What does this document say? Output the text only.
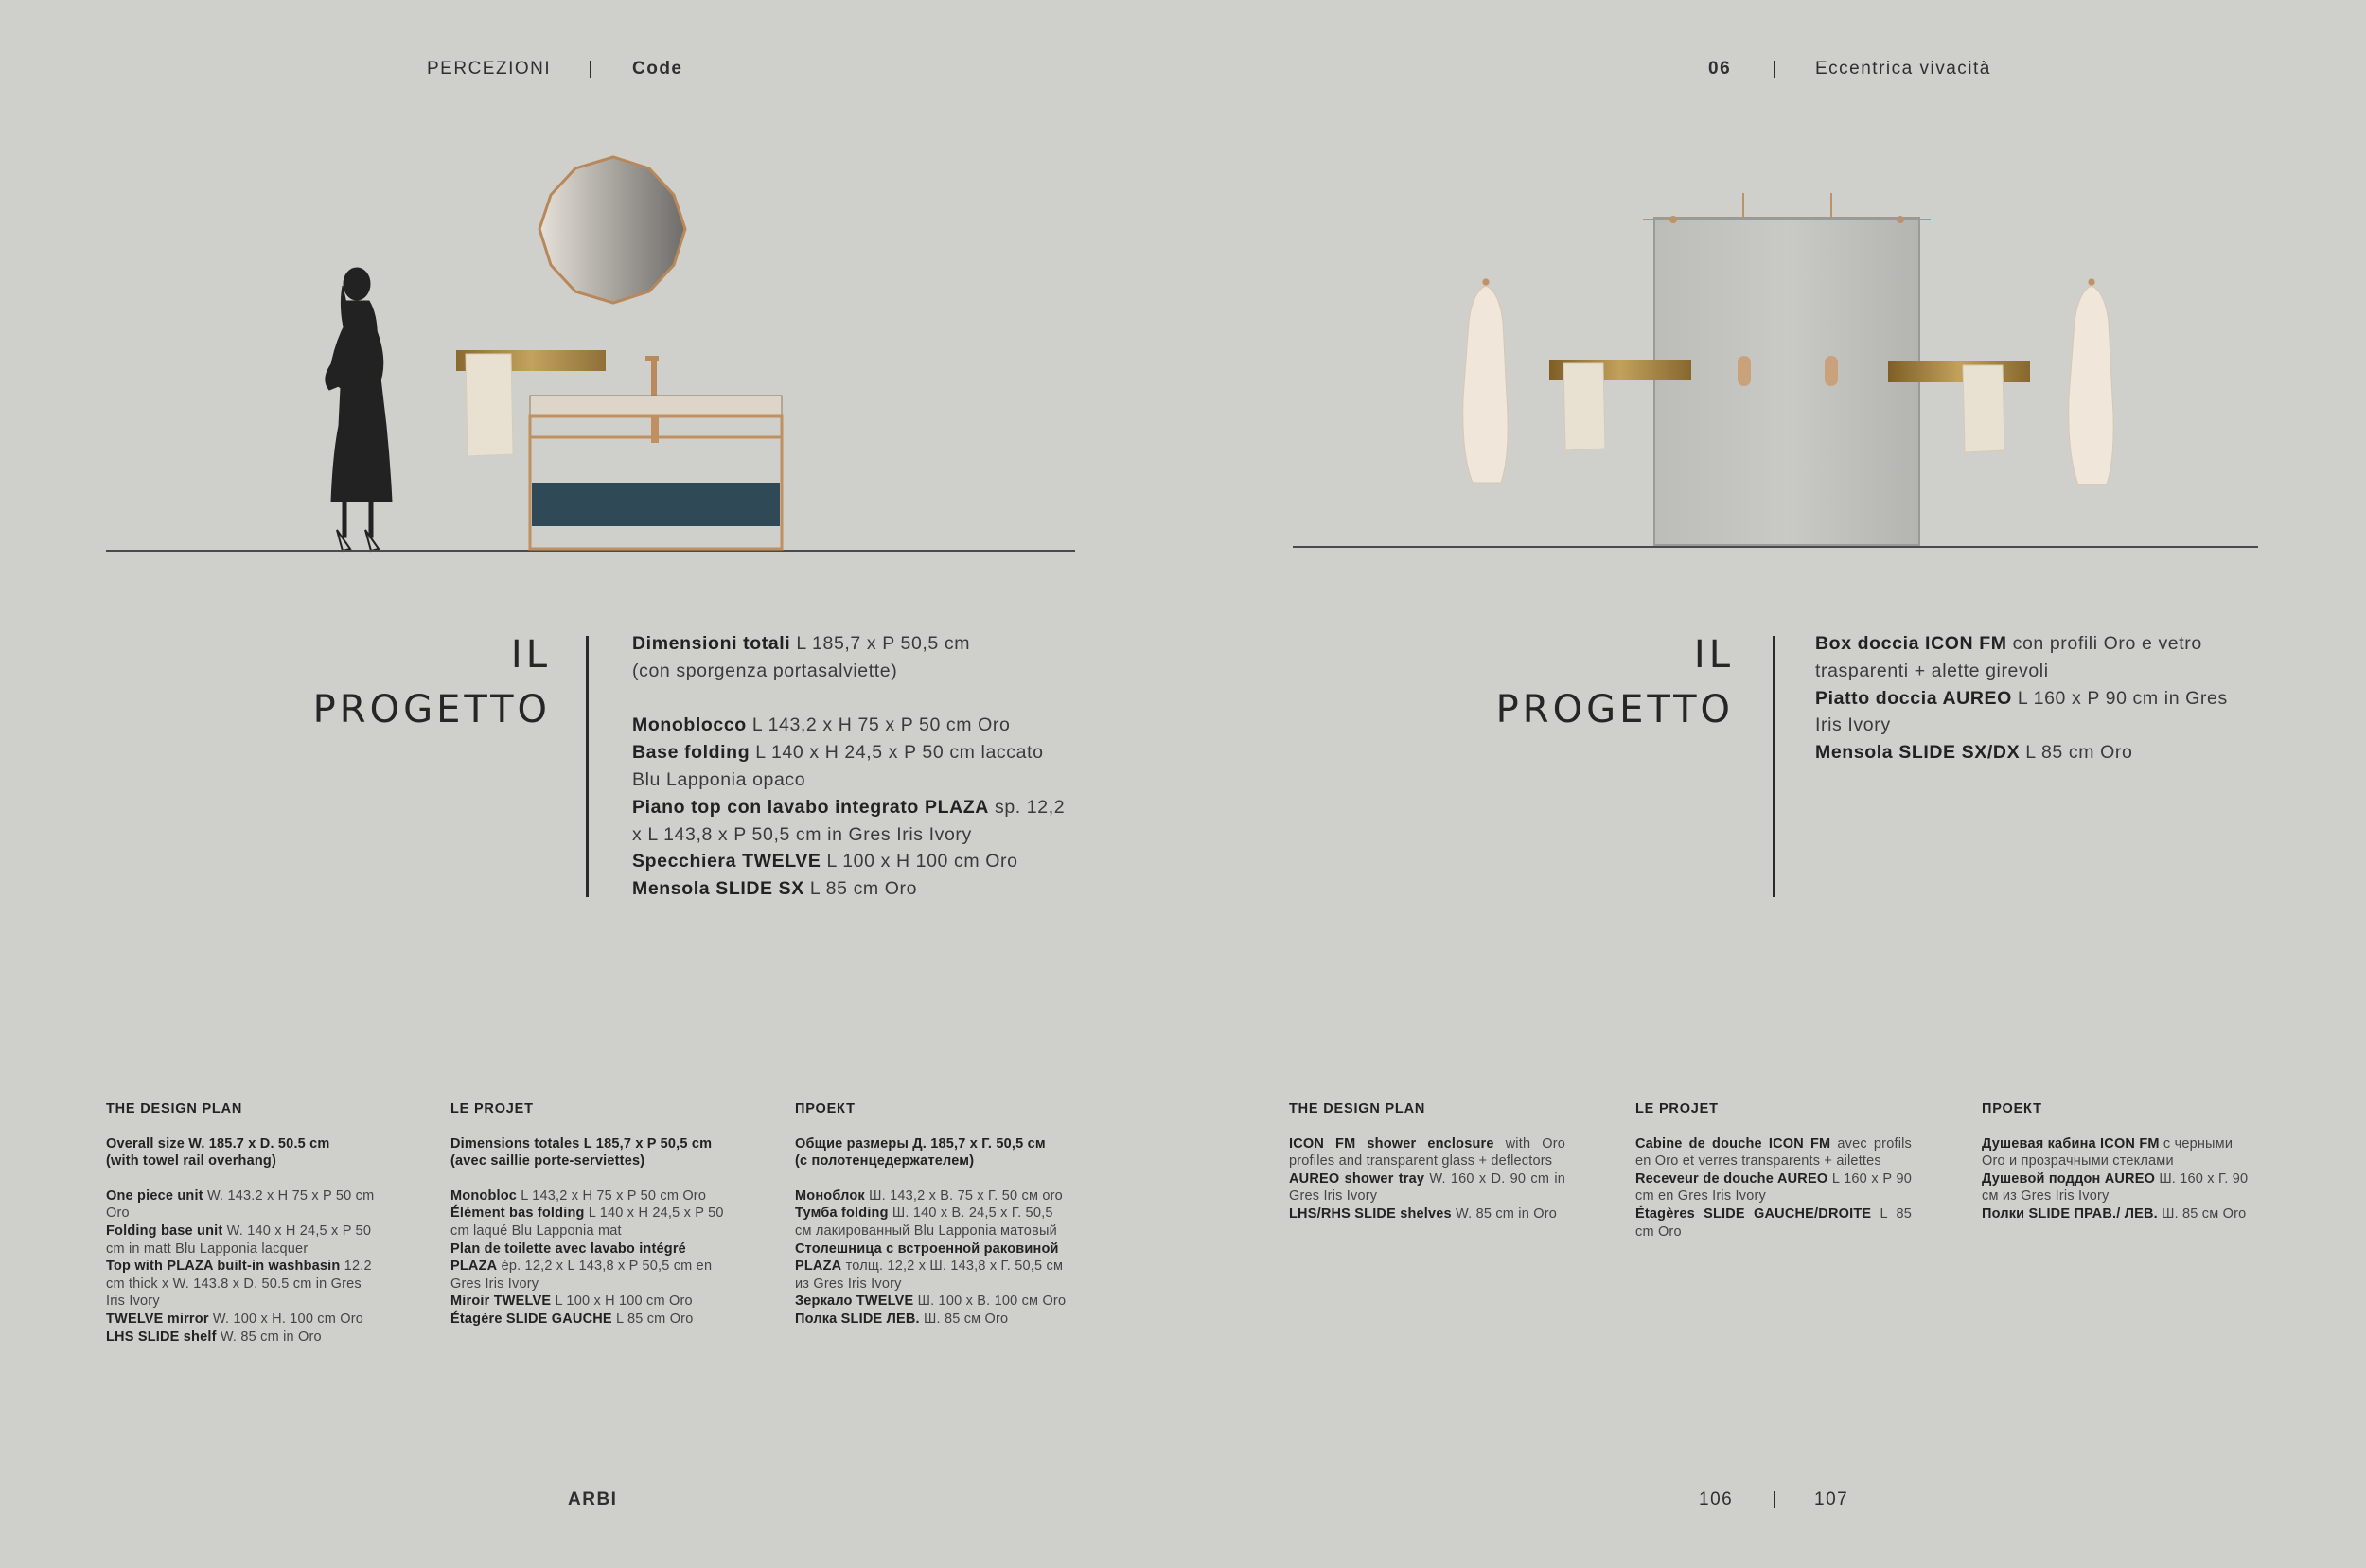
PERCEZIONI	Code	06	Eccentrica vivacità
IL
PROGETTO
Dimensioni totali L 185,7 x P 50,5 cm
(con sporgenza portasalviette)
Monoblocco L 143,2 x H 75 x P 50 cm Oro
Base folding L 140 x H 24,5 x P 50 cm laccato Blu Lapponia opaco
Piano top con lavabo integrato PLAZA sp. 12,2 x L 143,8 x P 50,5 cm in Gres Iris Ivory
Specchiera TWELVE L 100 x H 100 cm Oro
Mensola SLIDE SX L 85 cm Oro
IL
PROGETTO
Box doccia ICON FM con profili Oro e vetro trasparenti + alette girevoli
Piatto doccia AUREO L 160 x P 90 cm in Gres Iris Ivory
Mensola SLIDE SX/DX L 85 cm Oro
THE DESIGN PLAN
Overall size W. 185.7 x D. 50.5 cm
(with towel rail overhang)
One piece unit W. 143.2 x H 75 x P 50 cm Oro
Folding base unit W. 140 x H 24,5 x P 50 cm in matt Blu Lapponia lacquer
Top with PLAZA built-in washbasin 12.2 cm thick x W. 143.8 x D. 50.5 cm in Gres Iris Ivory
TWELVE mirror W. 100 x H. 100 cm Oro
LHS SLIDE shelf W. 85 cm in Oro
LE PROJET
Dimensions totales L 185,7 x P 50,5 cm
(avec saillie porte-serviettes)
Monobloc L 143,2 x H 75 x P 50 cm Oro
Élément bas folding L 140 x H 24,5 x P 50 cm laqué Blu Lapponia mat
Plan de toilette avec lavabo intégré PLAZA ép. 12,2 x L 143,8 x P 50,5 cm en Gres Iris Ivory
Miroir TWELVE L 100 x H 100 cm Oro
Étagère SLIDE GAUCHE L 85 cm Oro
ПРОЕКТ
Общие размеры Д. 185,7 x Г. 50,5 см
(с полотенцедержателем)
Моноблок Ш. 143,2 x В. 75 x Г. 50 см oro
Тумба folding Ш. 140 x В. 24,5 x Г. 50,5 см лакированный Blu Lapponia матовый
Столешница с встроенной раковиной PLAZA толщ. 12,2 x Ш. 143,8 x Г. 50,5 см из Gres Iris Ivory
Зеркало TWELVE Ш. 100 x В. 100 см Oro
Полка SLIDE ЛЕВ. Ш. 85 см Oro
THE DESIGN PLAN
ICON FM shower enclosure with Oro profiles and transparent glass + deflectors
AUREO shower tray W. 160 x D. 90 cm in Gres Iris Ivory
LHS/RHS SLIDE shelves W. 85 cm in Oro
LE PROJET
Cabine de douche ICON FM avec profils en Oro et verres transparents + ailettes
Receveur de douche AUREO L 160 x P 90 cm en Gres Iris Ivory
Étagères SLIDE GAUCHE/DROITE L 85 cm Oro
ПРОЕКТ
Душевая кабина ICON FM с черными Oro и прозрачными стеклами
Душевой поддон AUREO Ш. 160 x Г. 90 см из Gres Iris Ivory
Полки SLIDE ПРАВ./ ЛЕВ. Ш. 85 см Oro
ARBI	106	107
